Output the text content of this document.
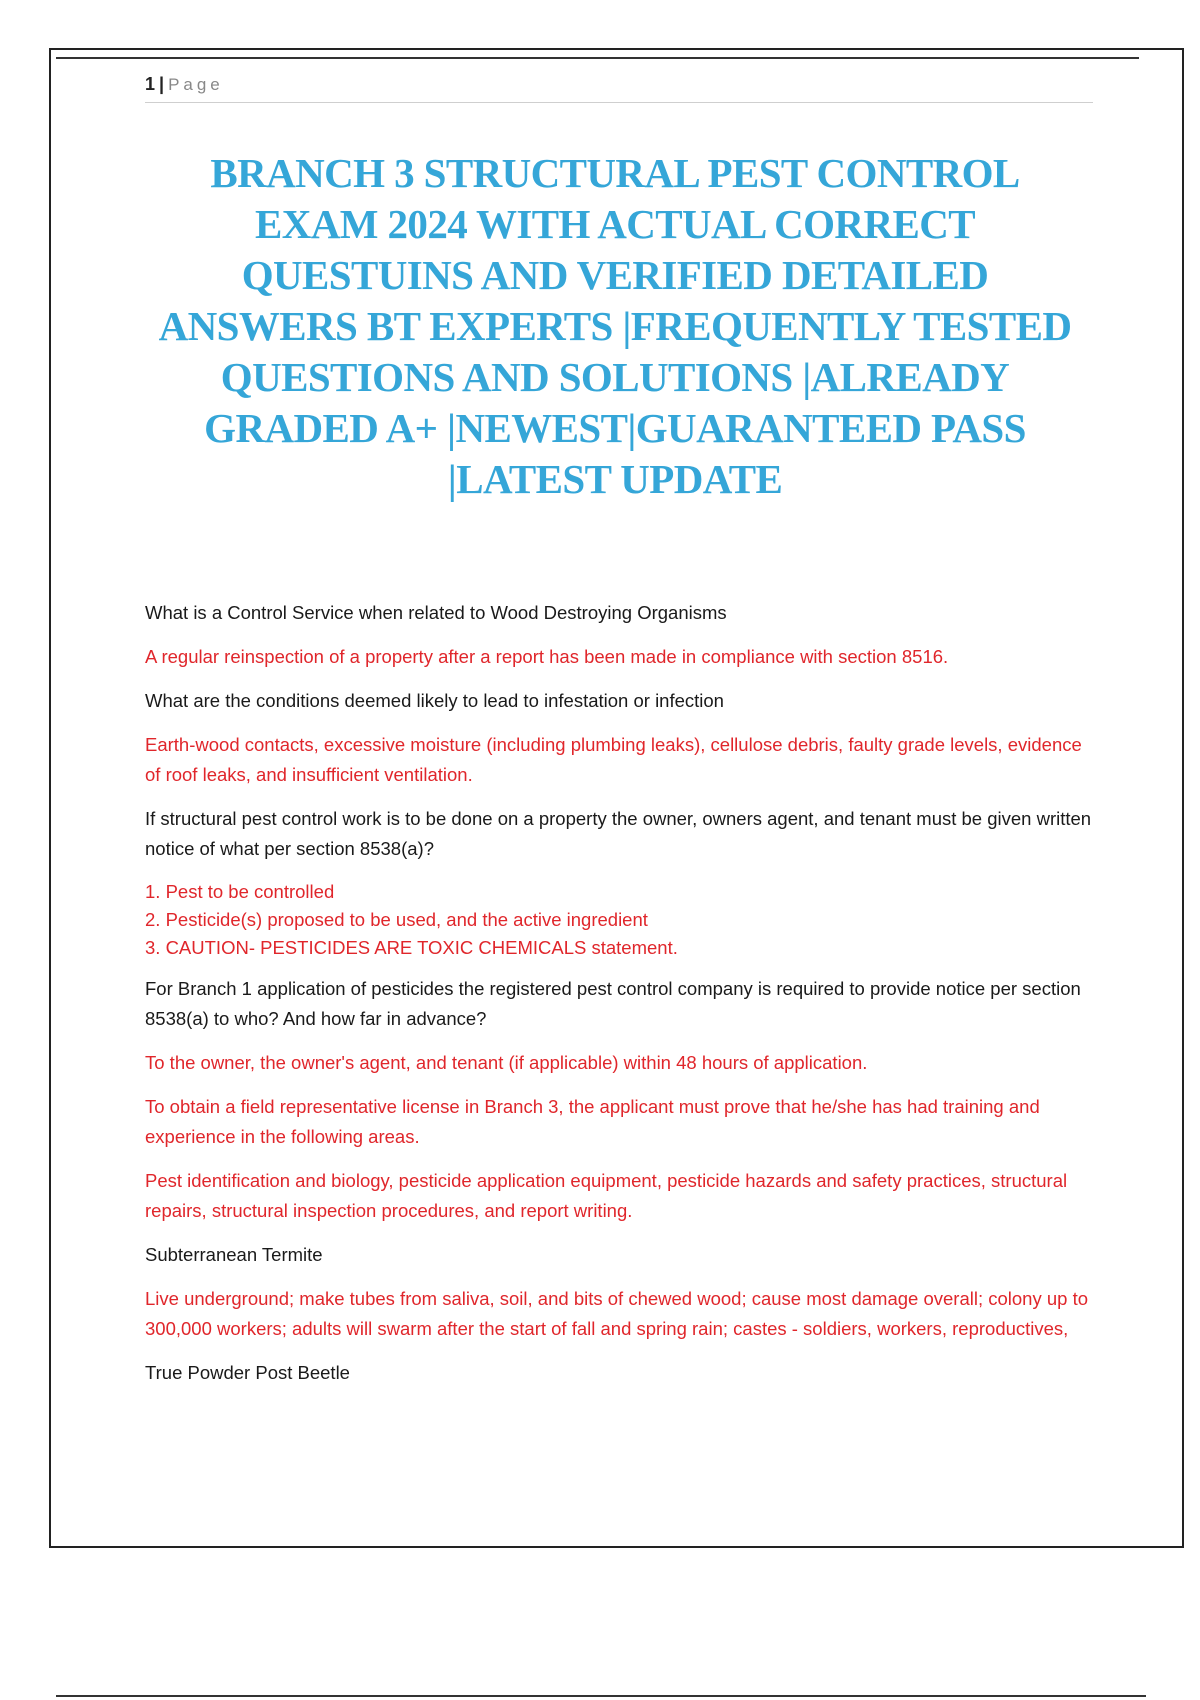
1 | Page
BRANCH 3 STRUCTURAL PEST CONTROL EXAM 2024 WITH ACTUAL CORRECT QUESTUINS AND VERIFIED DETAILED ANSWERS BT EXPERTS |FREQUENTLY TESTED QUESTIONS AND SOLUTIONS |ALREADY GRADED A+ |NEWEST|GUARANTEED PASS |LATEST UPDATE

What is a Control Service when related to Wood Destroying Organisms

A regular reinspection of a property after a report has been made in compliance with section 8516.

What are the conditions deemed likely to lead to infestation or infection

Earth-wood contacts, excessive moisture (including plumbing leaks), cellulose debris, faulty grade levels, evidence of roof leaks, and insufficient ventilation.

If structural pest control work is to be done on a property the owner, owners agent, and tenant must be given written notice of what per section 8538(a)?

1. Pest to be controlled
2. Pesticide(s) proposed to be used, and the active ingredient
3. CAUTION- PESTICIDES ARE TOXIC CHEMICALS statement.

For Branch 1 application of pesticides the registered pest control company is required to provide notice per section 8538(a) to who? And how far in advance?

To the owner, the owner's agent, and tenant (if applicable) within 48 hours of application.

To obtain a field representative license in Branch 3, the applicant must prove that he/she has had training and experience in the following areas.

Pest identification and biology, pesticide application equipment, pesticide hazards and safety practices, structural repairs, structural inspection procedures, and report writing.

Subterranean Termite

Live underground; make tubes from saliva, soil, and bits of chewed wood; cause most damage overall; colony up to 300,000 workers; adults will swarm after the start of fall and spring rain; castes - soldiers, workers, reproductives,

True Powder Post Beetle
